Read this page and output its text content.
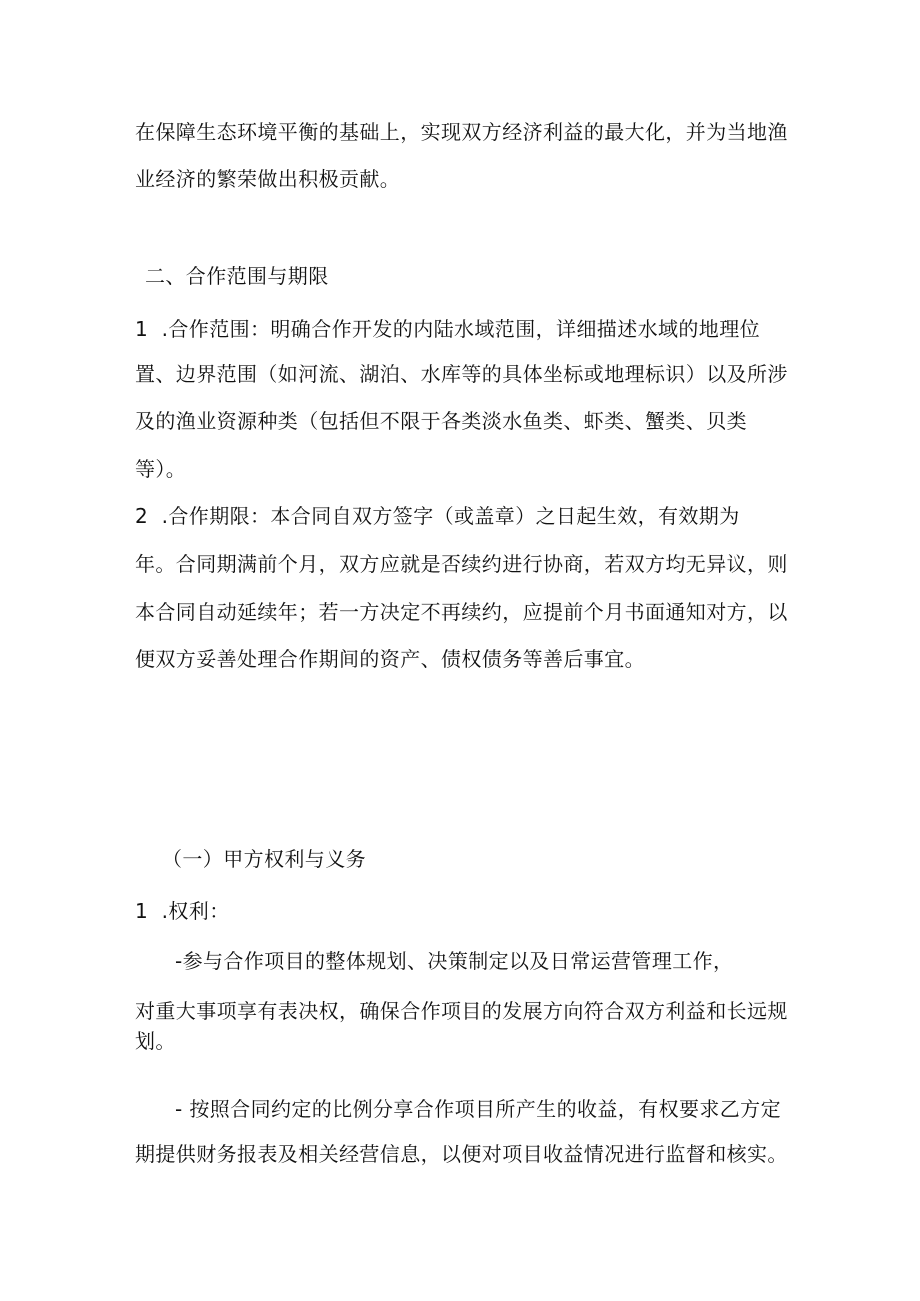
在保障生态环境平衡的基础上，实现双方经济利益的最大化，并为当地渔
业经济的繁荣做出积极贡献。
二、合作范围与期限
1  .合作范围：明确合作开发的内陆水域范围，详细描述水域的地理位
置、边界范围（如河流、湖泊、水库等的具体坐标或地理标识）以及所涉
及的渔业资源种类（包括但不限于各类淡水鱼类、虾类、蟹类、贝类
等）。
2  .合作期限：本合同自双方签字（或盖章）之日起生效，有效期为
年。合同期满前个月，双方应就是否续约进行协商，若双方均无异议，则
本合同自动延续年；若一方决定不再续约，应提前个月书面通知对方，以
便双方妥善处理合作期间的资产、债权债务等善后事宜。
（一）甲方权利与义务
1  .权利：
-参与合作项目的整体规划、决策制定以及日常运营管理工作，
对重大事项享有表决权，确保合作项目的发展方向符合双方利益和长远规
划。
- 按照合同约定的比例分享合作项目所产生的收益，有权要求乙方定
期提供财务报表及相关经营信息，以便对项目收益情况进行监督和核实。
